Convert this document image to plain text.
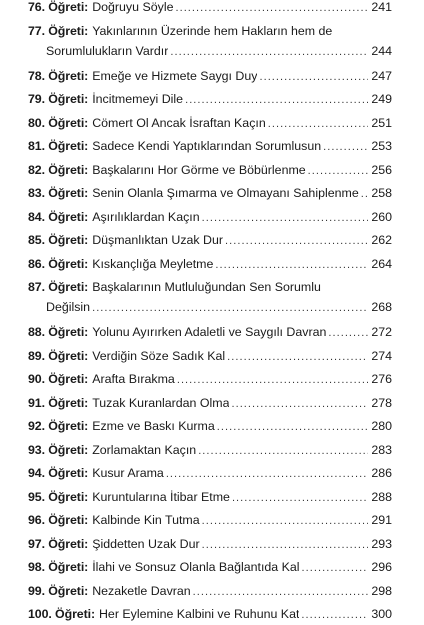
76. Öğreti: Doğruyu Söyle . . .	241
77. Öğreti: Yakınlarının Üzerinde hem Hakların hem de
Sorumlulukların Vardır . . .	244
78. Öğreti: Emeğe ve Hizmete Saygı Duy . . .	247
79. Öğreti: İncitmemeyi Dile . . .	249
80. Öğreti: Cömert Ol Ancak İsraftan Kaçın . . .	251
81. Öğreti: Sadece Kendi Yaptıklarından Sorumlusun . . .	253
82. Öğreti: Başkalarını Hor Görme ve Böbürlenme . . .	256
83. Öğreti: Senin Olanla Şımarma ve Olmayanı Sahiplenme . . . 258
84. Öğreti: Aşırılıklardan Kaçın . . .	260
85. Öğreti: Düşmanlıktan Uzak Dur . . .	262
86. Öğreti: Kıskançlığa Meyletme . . .	264
87. Öğreti: Başkalarının Mutluluğundan Sen Sorumlu
Değilsin . . .	268
88. Öğreti: Yolunu Ayırırken Adaletli ve Saygılı Davran . . .	272
89. Öğreti: Verdiğin Söze Sadık Kal . . .	274
90. Öğreti: Arafta Bırakma . . .	276
91. Öğreti: Tuzak Kuranlardan Olma . . .	278
92. Öğreti: Ezme ve Baskı Kurma . . .	280
93. Öğreti: Zorlamaktan Kaçın . . .	283
94. Öğreti: Kusur Arama . . .	286
95. Öğreti: Kuruntularına İtibar Etme . . .	288
96. Öğreti: Kalbinde Kin Tutma . . .	291
97. Öğreti: Şiddetten Uzak Dur . . .	293
98. Öğreti: İlahi ve Sonsuz Olanla Bağlantıda Kal . . .	296
99. Öğreti: Nezaketle Davran . . .	298
100. Öğreti: Her Eylemine Kalbini ve Ruhunu Kat . . .	300
